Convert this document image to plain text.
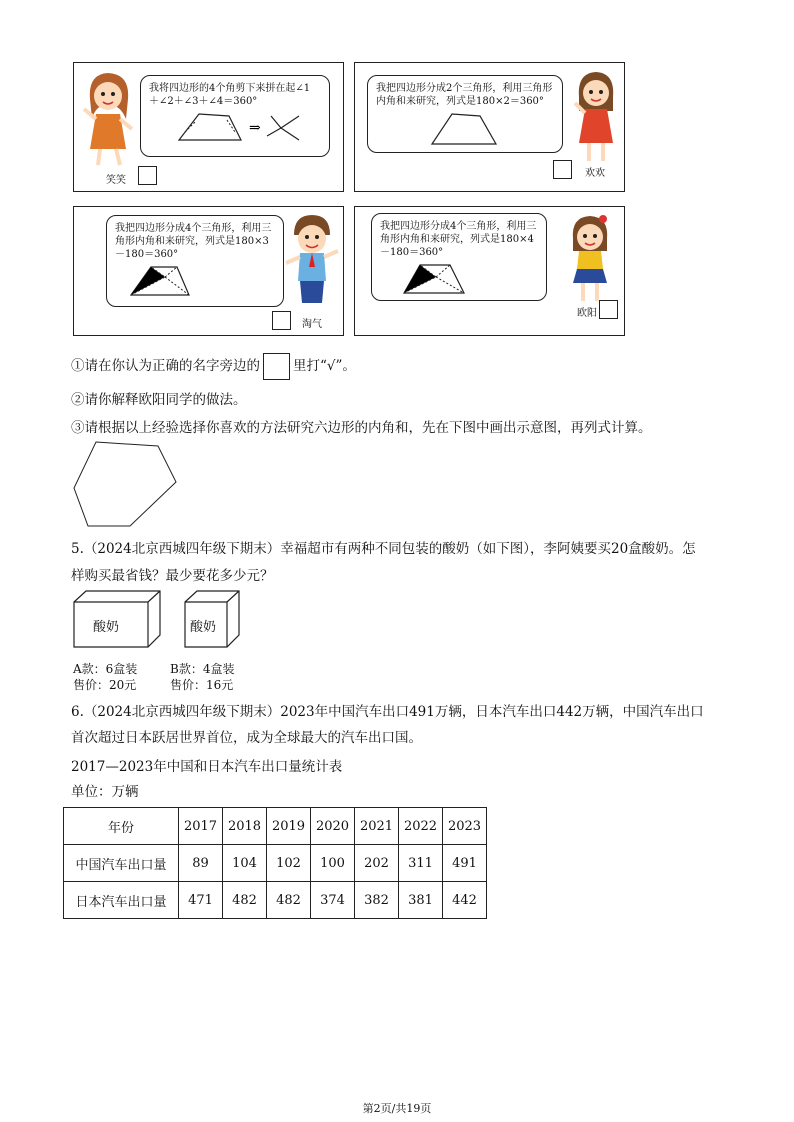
我将四边形的4个角剪下来拼在起∠1＋∠2＋∠3＋∠4＝360°
⇒
笑笑
我把四边形分成2个三角形，利用三角形内角和来研究，列式是180×2＝360°
欢欢
我把四边形分成4个三角形，利用三角形内角和来研究，列式是180×3－180＝360°
淘气
我把四边形分成4个三角形，利用三角形内角和来研究，列式是180×4－180＝360°
欧阳
①请在你认为正确的名字旁边的 里打“√”。
②请你解释欧阳同学的做法。
③请根据以上经验选择你喜欢的方法研究六边形的内角和，先在下图中画出示意图，再列式计算。
5.（2024北京西城四年级下期末）幸福超市有两种不同包装的酸奶（如下图），李阿姨要买20盒酸奶。怎
样购买最省钱？最少要花多少元？
酸奶	酸奶
A款：6盒装
售价：20元
B款：4盒装
售价：16元
6.（2024北京西城四年级下期末）2023年中国汽车出口491万辆，日本汽车出口442万辆，中国汽车出口
首次超过日本跃居世界首位，成为全球最大的汽车出口国。
2017—2023年中国和日本汽车出口量统计表
单位：万辆
年份	2017	2018	2019	2020	2021	2022	2023
中国汽车出口量	89	104	102	100	202	311	491
日本汽车出口量	471	482	482	374	382	381	442
第2页/共19页
